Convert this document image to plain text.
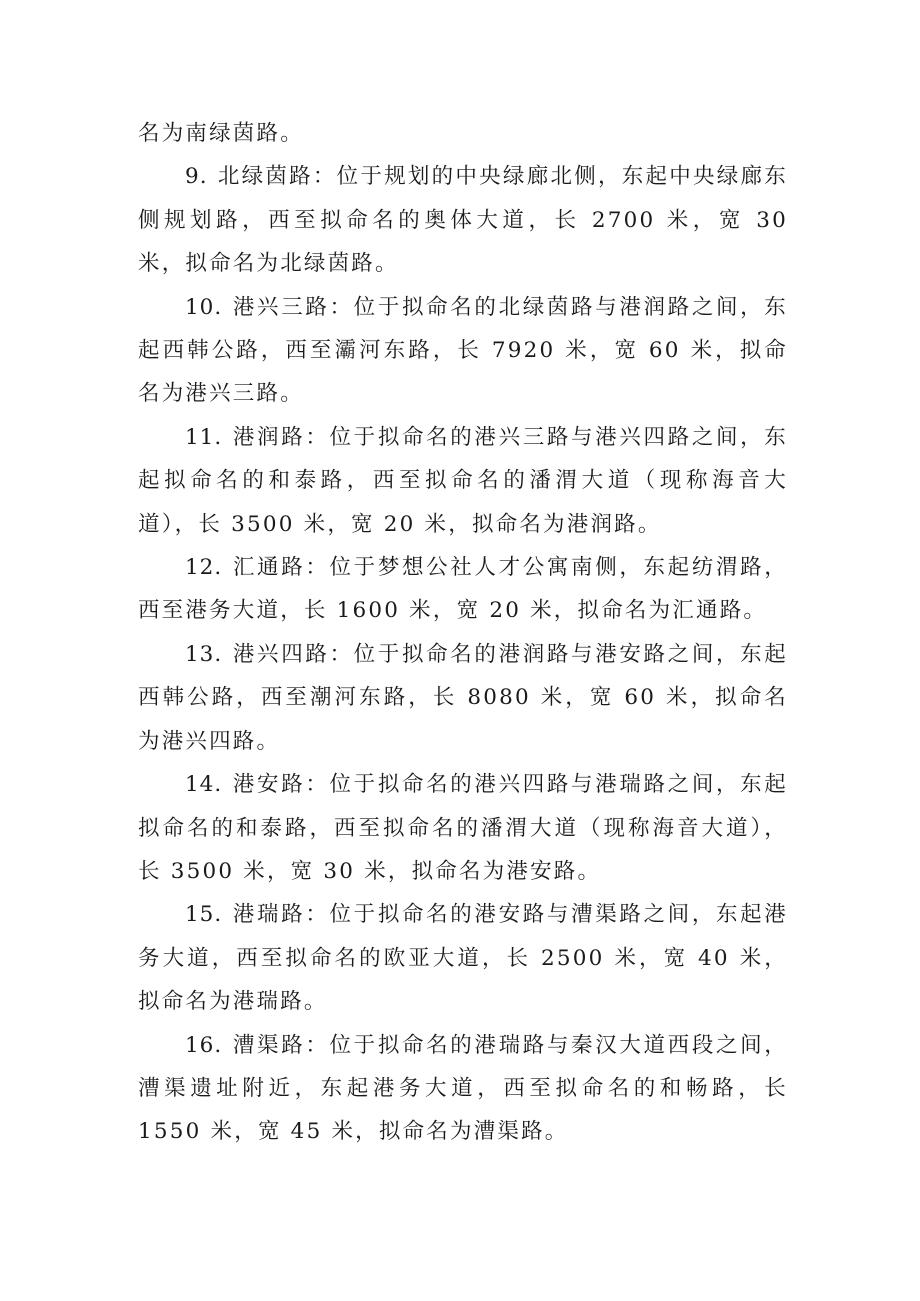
名为南绿茵路。

9. 北绿茵路：位于规划的中央绿廊北侧，东起中央绿廊东侧规划路，西至拟命名的奥体大道，长 2700 米，宽 30 米，拟命名为北绿茵路。

10. 港兴三路：位于拟命名的北绿茵路与港润路之间，东起西韩公路，西至灞河东路，长 7920 米，宽 60 米，拟命名为港兴三路。

11. 港润路：位于拟命名的港兴三路与港兴四路之间，东起拟命名的和泰路，西至拟命名的潘渭大道（现称海音大道），长 3500 米，宽 20 米，拟命名为港润路。

12. 汇通路：位于梦想公社人才公寓南侧，东起纺渭路，西至港务大道，长 1600 米，宽 20 米，拟命名为汇通路。

13. 港兴四路：位于拟命名的港润路与港安路之间，东起西韩公路，西至潮河东路，长 8080 米，宽 60 米，拟命名为港兴四路。

14. 港安路：位于拟命名的港兴四路与港瑞路之间，东起拟命名的和泰路，西至拟命名的潘渭大道（现称海音大道），长 3500 米，宽 30 米，拟命名为港安路。

15. 港瑞路：位于拟命名的港安路与漕渠路之间，东起港务大道，西至拟命名的欧亚大道，长 2500 米，宽 40 米，拟命名为港瑞路。

16. 漕渠路：位于拟命名的港瑞路与秦汉大道西段之间，漕渠遗址附近，东起港务大道，西至拟命名的和畅路，长 1550 米，宽 45 米，拟命名为漕渠路。
